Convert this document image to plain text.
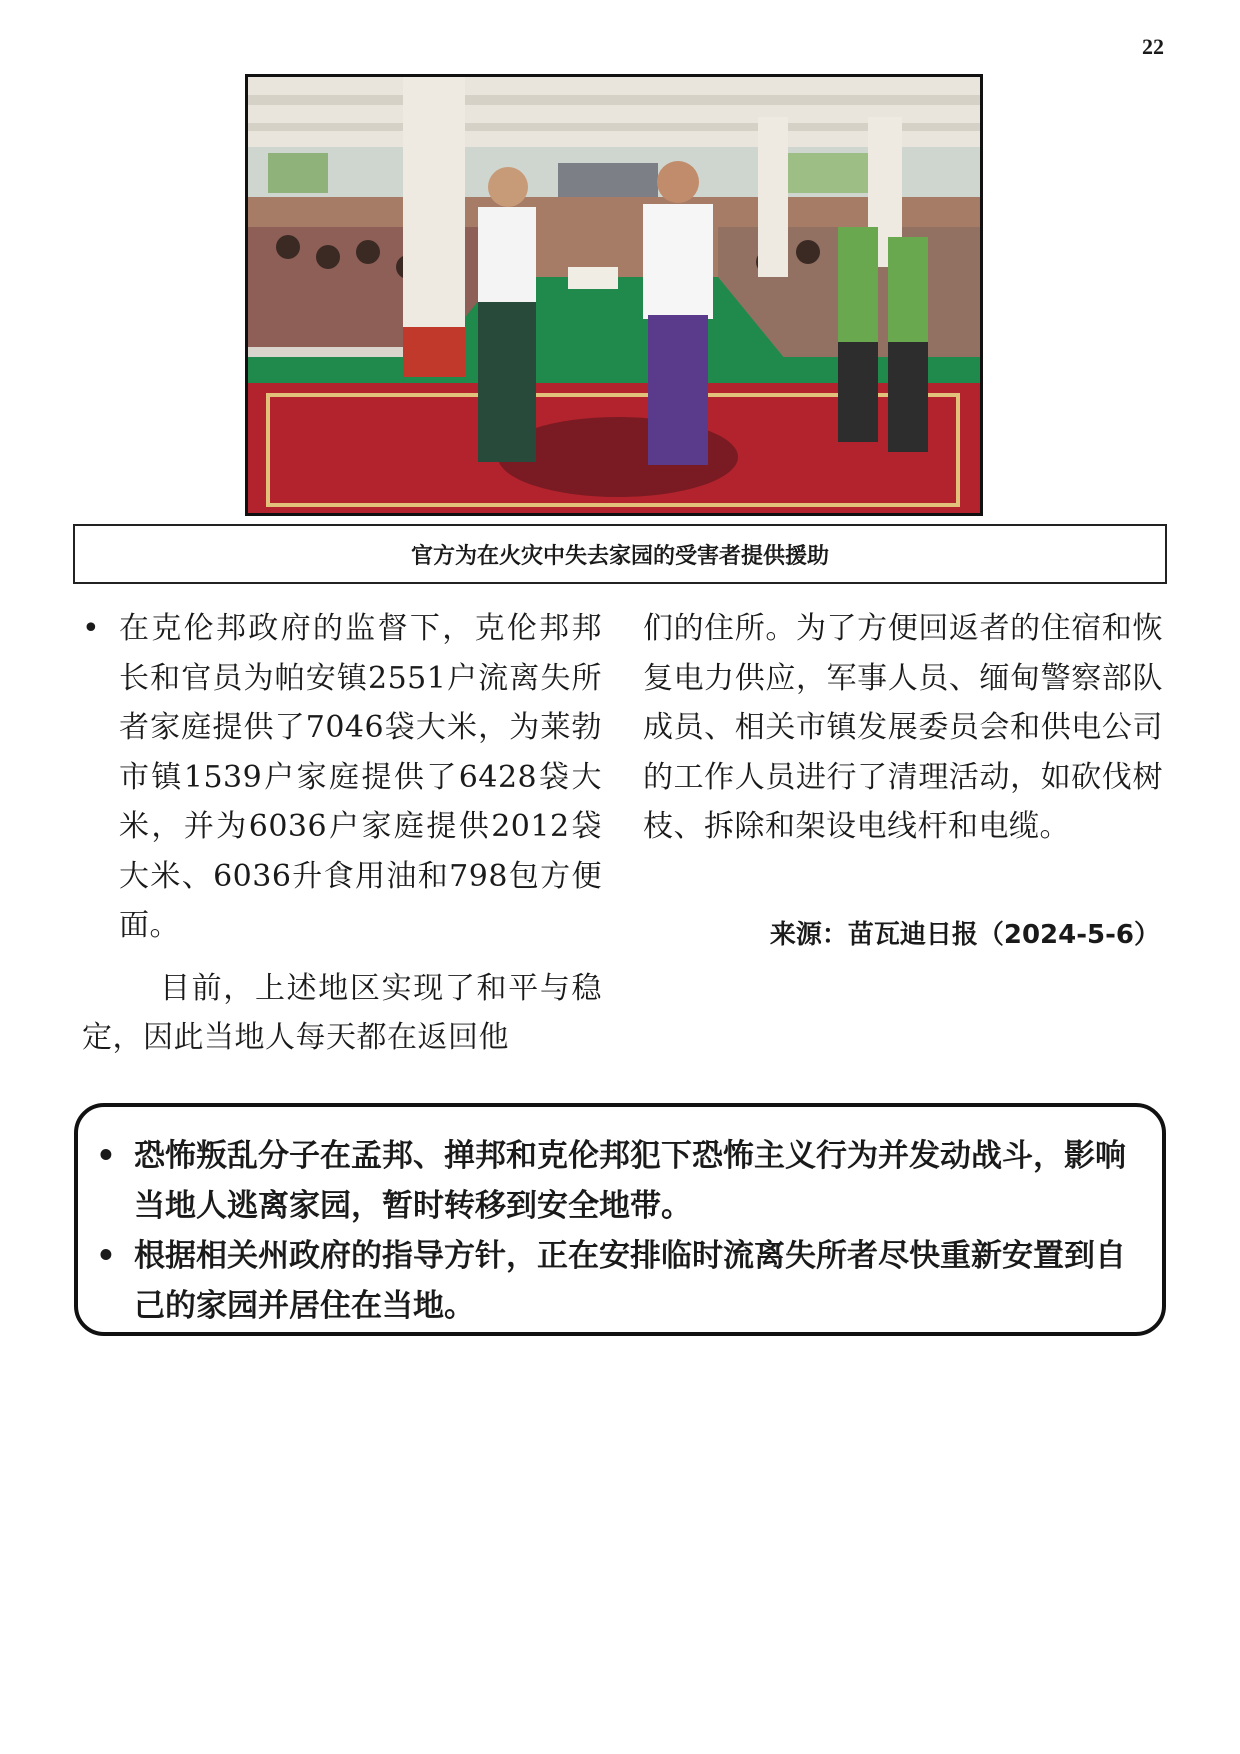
22
官方为在火灾中失去家园的受害者提供援助
• 在克伦邦政府的监督下，克伦邦邦长和官员为帕安镇2551户流离失所者家庭提供了7046袋大米，为莱勃市镇1539户家庭提供了6428袋大米，并为6036户家庭提供2012袋大米、6036升食用油和798包方便面。
目前，上述地区实现了和平与稳定，因此当地人每天都在返回他
们的住所。为了方便回返者的住宿和恢复电力供应，军事人员、缅甸警察部队成员、相关市镇发展委员会和供电公司的工作人员进行了清理活动，如砍伐树枝、拆除和架设电线杆和电缆。
来源：苗瓦迪日报（2024-5-6）
• 恐怖叛乱分子在孟邦、掸邦和克伦邦犯下恐怖主义行为并发动战斗，影响当地人逃离家园，暂时转移到安全地带。
• 根据相关州政府的指导方针，正在安排临时流离失所者尽快重新安置到自己的家园并居住在当地。
